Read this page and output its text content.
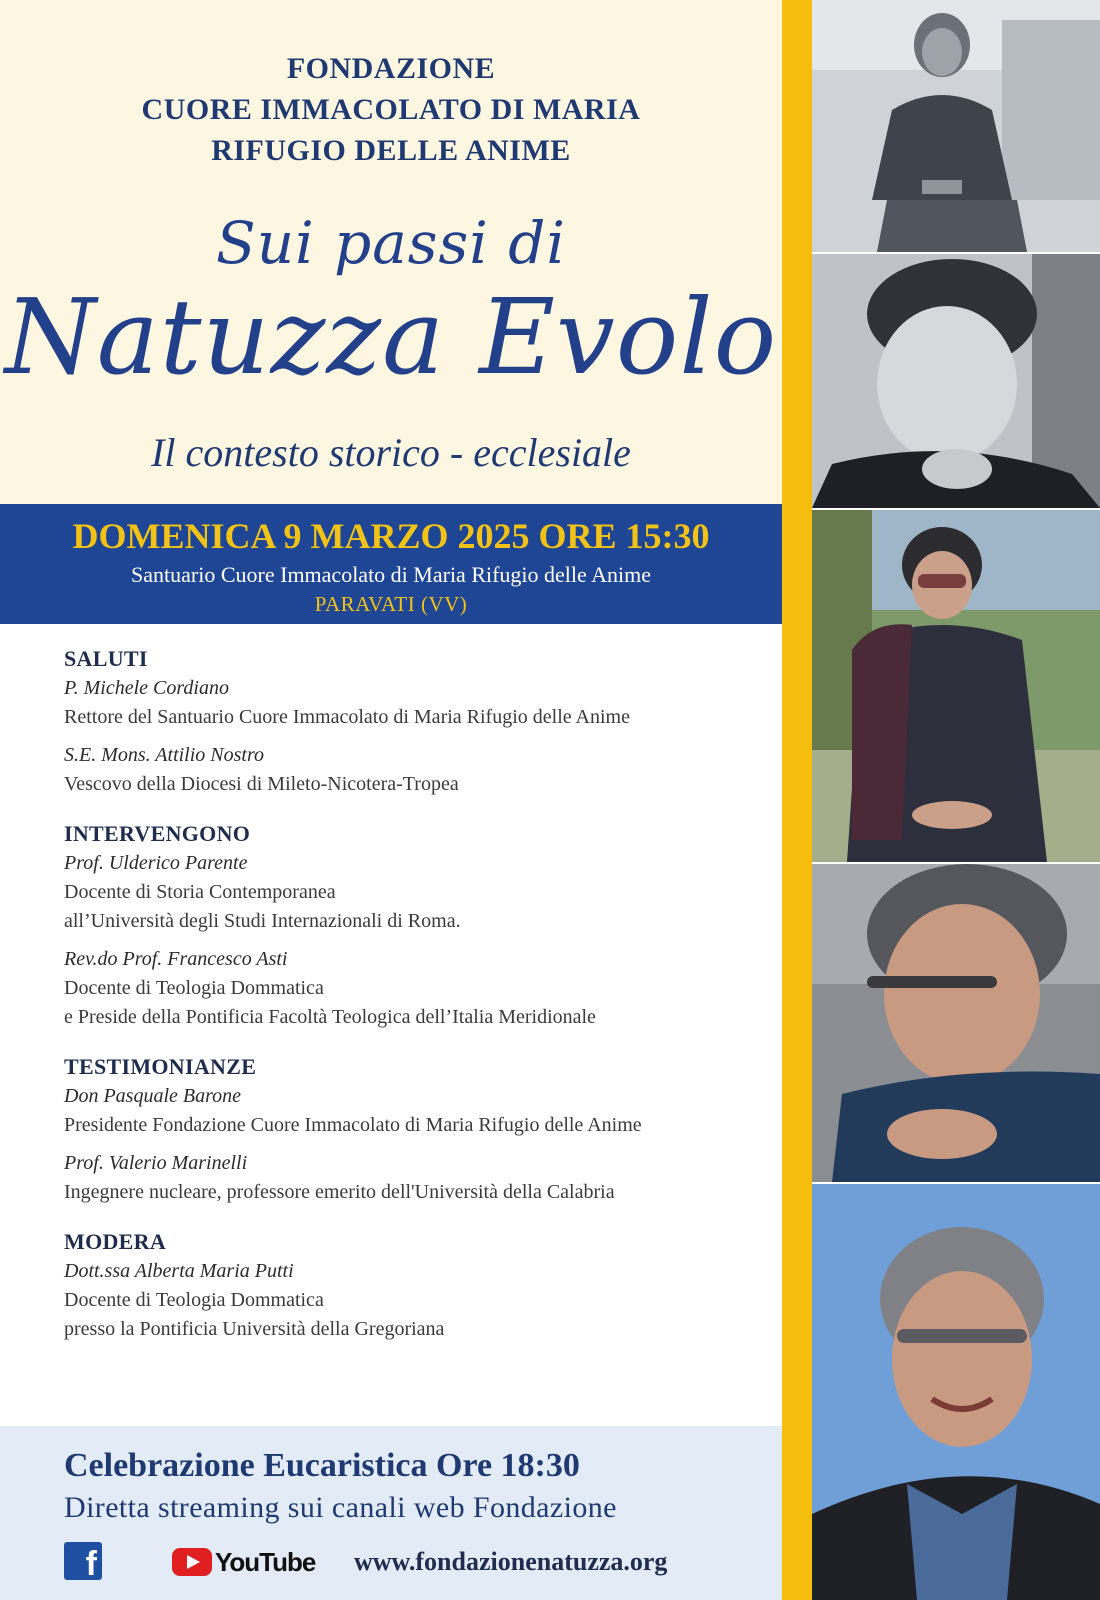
FONDAZIONE
CUORE IMMACOLATO DI MARIA
RIFUGIO DELLE ANIME
Sui passi di
Natuzza Evolo
Il contesto storico - ecclesiale
DOMENICA 9 MARZO 2025 ORE 15:30
Santuario Cuore Immacolato di Maria Rifugio delle Anime
PARAVATI (VV)
SALUTI
P. Michele Cordiano
Rettore del Santuario Cuore Immacolato di Maria Rifugio delle Anime
S.E. Mons. Attilio Nostro
Vescovo della Diocesi di Mileto-Nicotera-Tropea
INTERVENGONO
Prof. Ulderico Parente
Docente di Storia Contemporanea
all’Università degli Studi Internazionali di Roma.
Rev.do Prof. Francesco Asti
Docente di Teologia Dommatica
e Preside della Pontificia Facoltà Teologica dell’Italia Meridionale
TESTIMONIANZE
Don Pasquale Barone
Presidente Fondazione Cuore Immacolato di Maria Rifugio delle Anime
Prof. Valerio Marinelli
Ingegnere nucleare, professore emerito dell'Università della Calabria
MODERA
Dott.ssa Alberta Maria Putti
Docente di Teologia Dommatica
presso la Pontificia Università della Gregoriana
Celebrazione Eucaristica Ore 18:30
Diretta streaming sui canali web Fondazione
f	YouTube www.fondazionenatuzza.org
